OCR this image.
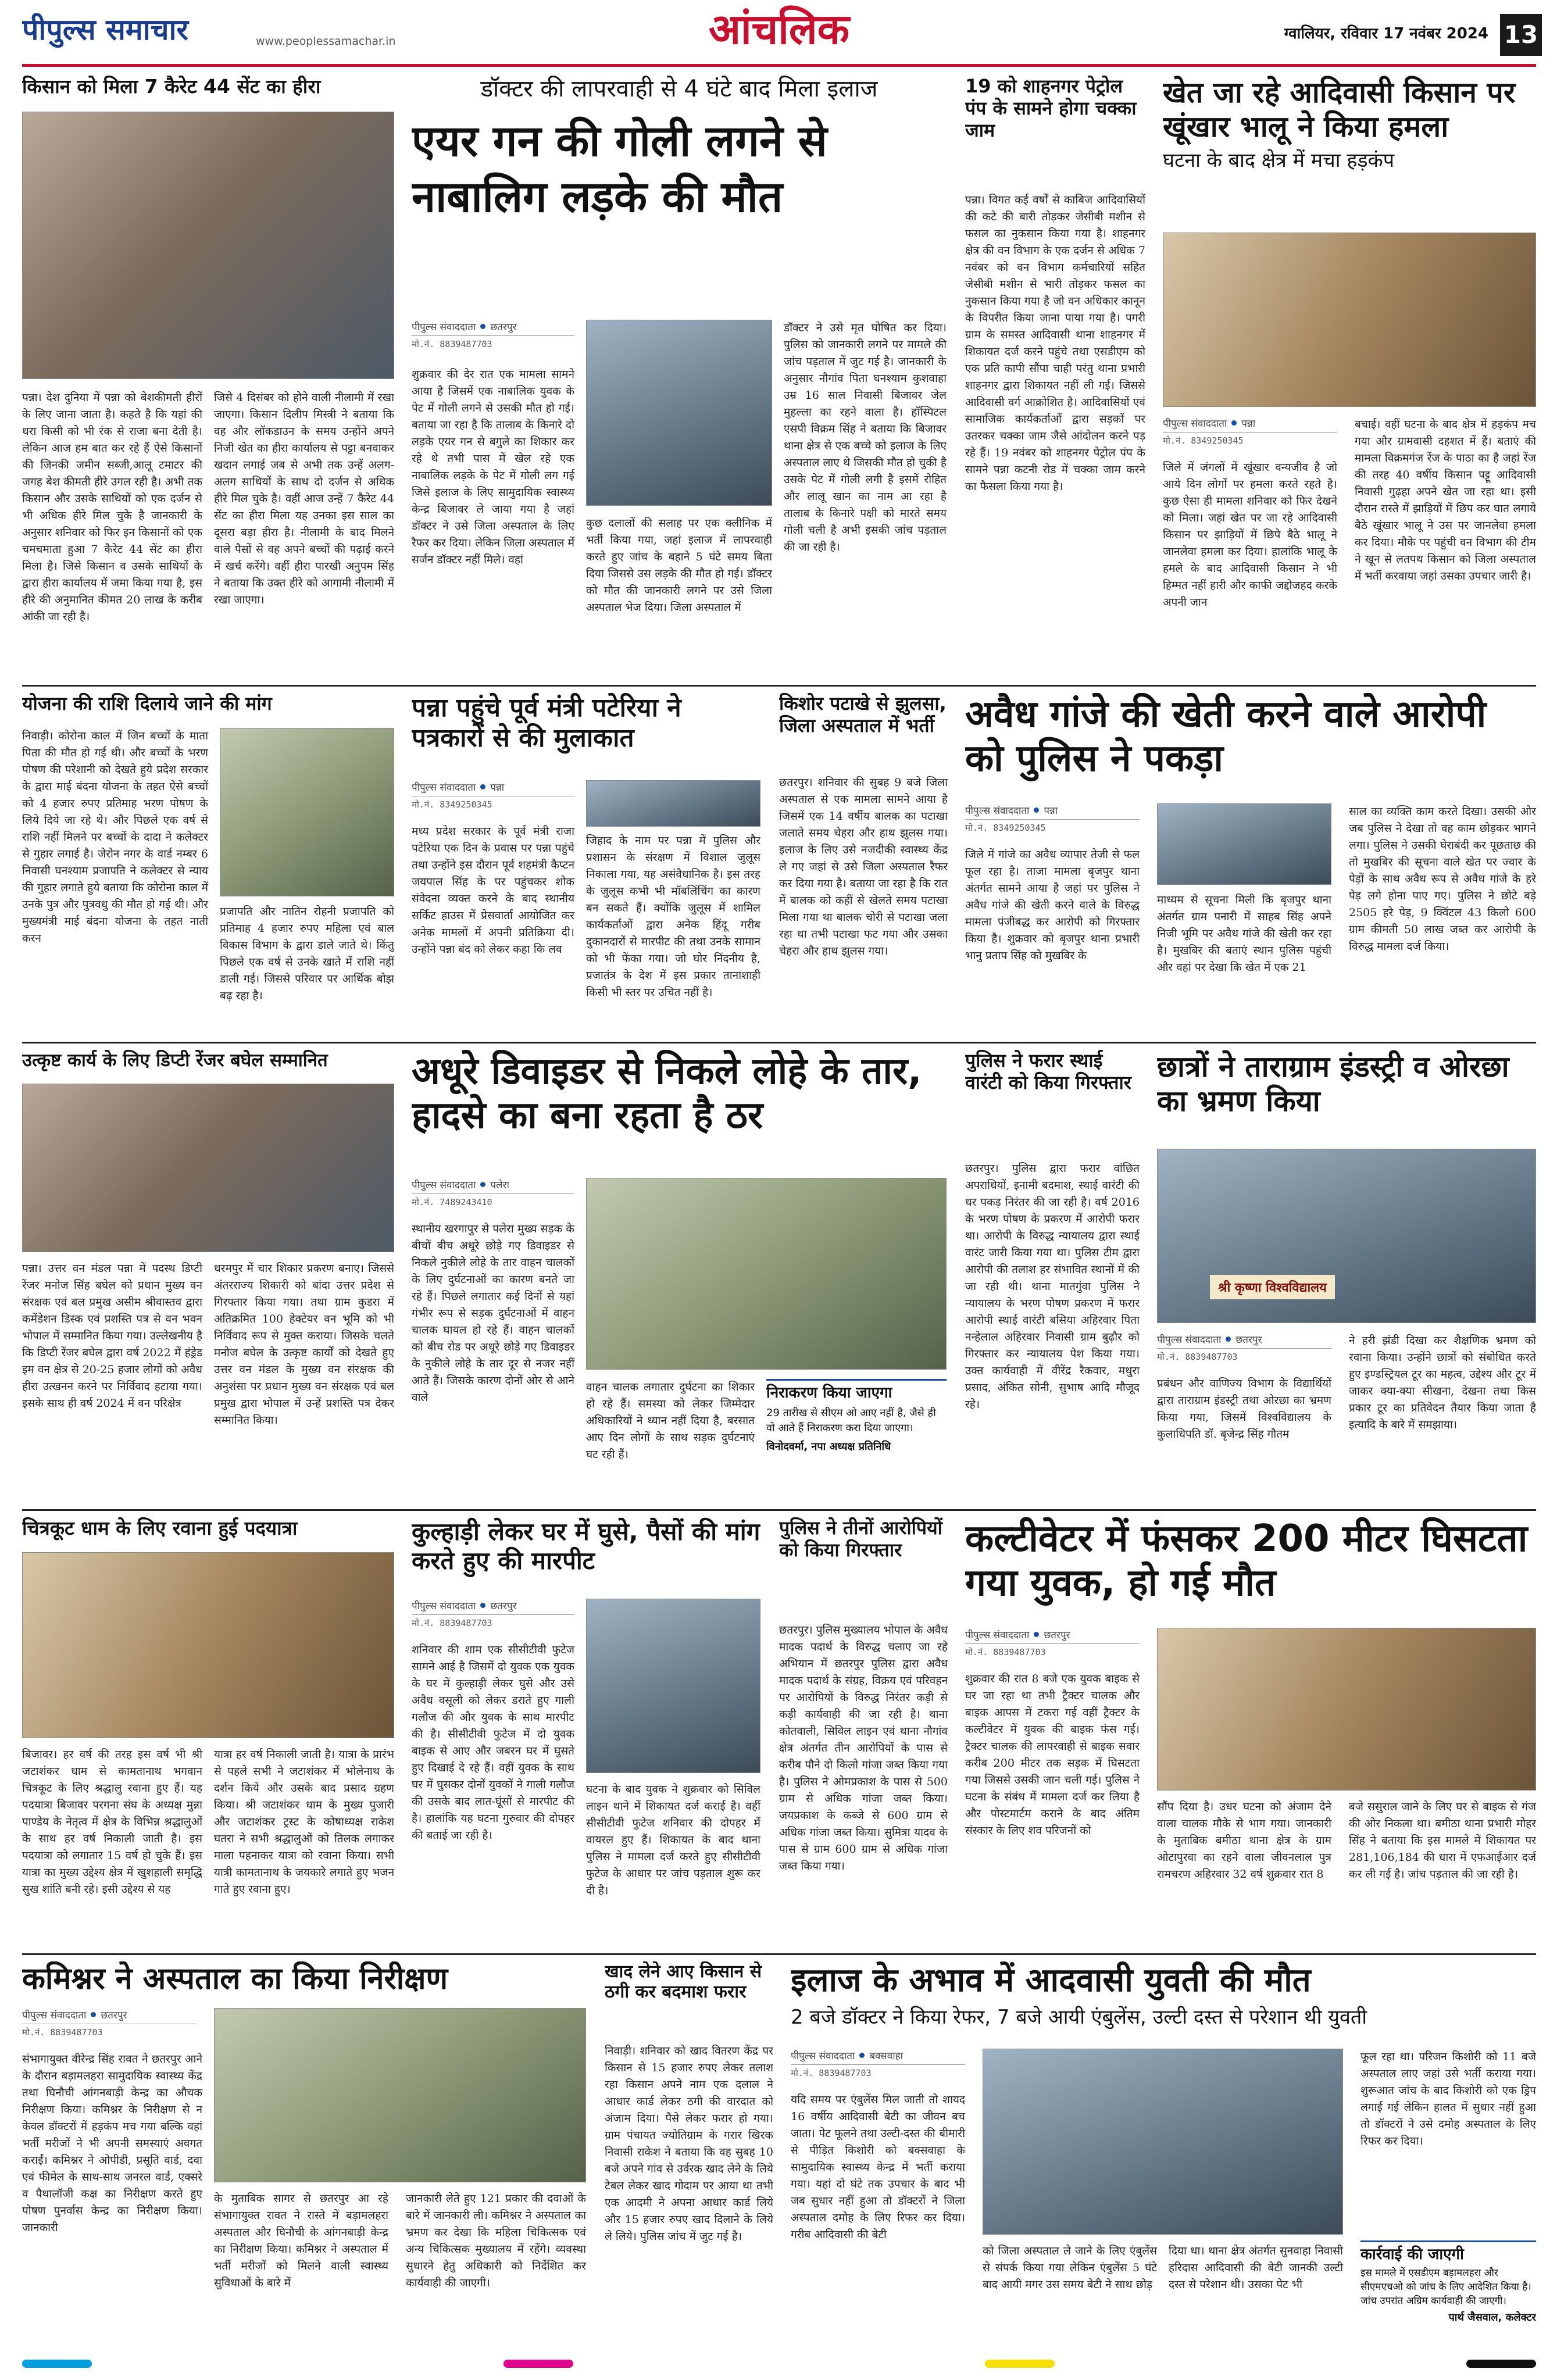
पीपुल्स समाचार	www.peoplessamachar.in	आंचलिक	ग्वालियर, रविवार 17 नवंबर 2024 13
किसान को मिला 7 कैरेट 44 सेंट का हीरा
पन्ना। देश दुनिया में पन्ना को बेशकीमती हीरों के लिए जाना जाता है। कहते है कि यहां की धरा किसी को भी रंक से राजा बना देती है। लेकिन आज हम बात कर रहे हैं ऐसे किसानों की जिनकी जमीन सब्जी,आलू टमाटर की जगह बेश कीमती हीरे उगल रही है। अभी तक किसान और उसके साथियों को एक दर्जन से भी अधिक हीरे मिल चुके है जानकारी के अनुसार शनिवार को फिर इन किसानों को एक चमचमाता हुआ 7 कैरेट 44 सेंट का हीरा मिला है। जिसे किसान व उसके साथियों के द्वारा हीरा कार्यालय में जमा किया गया है, इस हीरे की अनुमानित कीमत 20 लाख के करीब आंकी जा रही है।
जिसे 4 दिसंबर को होने वाली नीलामी में रखा जाएगा। किसान दिलीप मिस्त्री ने बताया कि वह और लॉकडाउन के समय उन्होंने अपने निजी खेत का हीरा कार्यालय से पट्टा बनवाकर खदान लगाई जब से अभी तक उन्हें अलग-अलग साथियों के साथ दो दर्जन से अधिक हीरे मिल चुके है। वहीं आज उन्हें 7 कैरेट 44 सेंट का हीरा मिला यह उनका इस साल का दूसरा बड़ा हीरा है। नीलामी के बाद मिलने वाले पैसों से वह अपने बच्चों की पढ़ाई करने में खर्च करेंगे। वहीं हीरा पारखी अनुपम सिंह ने बताया कि उक्त हीरे को आगामी नीलामी में रखा जाएगा।
डॉक्टर की लापरवाही से 4 घंटे बाद मिला इलाज
एयर गन की गोली लगने से नाबालिग लड़के की मौत
पीपुल्स संवाददाता छतरपुर
मो.नं. 8839487703
शुक्रवार की देर रात एक मामला सामने आया है जिसमें एक नाबालिक युवक के पेट में गोली लगने से उसकी मौत हो गई। बताया जा रहा है कि तालाब के किनारे दो लड़के एयर गन से बगुले का शिकार कर रहे थे तभी पास में खेल रहे एक नाबालिक लड़के के पेट में गोली लग गई जिसे इलाज के लिए सामुदायिक स्वास्थ्य केन्द्र बिजावर ले जाया गया है जहां डॉक्टर ने उसे जिला अस्पताल के लिए रैफर कर दिया। लेकिन जिला अस्पताल में सर्जन डॉक्टर नहीं मिले। वहां
कुछ दलालों की सलाह पर एक क्लीनिक में भर्ती किया गया, जहां इलाज में लापरवाही करते हुए जांच के बहाने 5 घंटे समय बिता दिया जिससे उस लड़के की मौत हो गई। डॉक्टर को मौत की जानकारी लगने पर उसे जिला अस्पताल भेज दिया। जिला अस्पताल में
डॉक्टर ने उसे मृत घोषित कर दिया। पुलिस को जानकारी लगने पर मामले की जांच पड़ताल में जुट गई है। जानकारी के अनुसार नौगांव पिता घनश्याम कुशवाहा उम्र 16 साल निवासी बिजावर जेल मुहल्ला का रहने वाला है। हॉस्पिटल एसपी विक्रम सिंह ने बताया कि बिजावर थाना क्षेत्र से एक बच्चे को इलाज के लिए अस्पताल लाए थे जिसकी मौत हो चुकी है उसके पेट में गोली लगी है इसमें रोहित और लालू खान का नाम आ रहा है तालाब के किनारे पक्षी को मारते समय गोली चली है अभी इसकी जांच पड़ताल की जा रही है।
19 को शाहनगर पेट्रोल पंप के सामने होगा चक्का जाम
पन्ना। विगत कई वर्षों से काबिज आदिवासियों की कटे की बारी तोड़कर जेसीबी मशीन से फसल का नुकसान किया गया है। शाहनगर क्षेत्र की वन विभाग के एक दर्जन से अधिक 7 नवंबर को वन विभाग कर्मचारियों सहित जेसीबी मशीन से भारी तोड़कर फसल का नुकसान किया गया है जो वन अधिकार कानून के विपरीत किया जाना पाया गया है। पगरी ग्राम के समस्त आदिवासी थाना शाहनगर में शिकायत दर्ज करने पहुंचे तथा एसडीएम को एक प्रति कापी सौंपा चाही परंतु थाना प्रभारी शाहनगर द्वारा शिकायत नहीं ली गई। जिससे आदिवासी वर्ग आक्रोशित है। आदिवासियों एवं सामाजिक कार्यकर्ताओं द्वारा सड़कों पर उतरकर चक्का जाम जैसे आंदोलन करने पड़ रहे हैं। 19 नवंबर को शाहनगर पेट्रोल पंप के सामने पन्ना कटनी रोड में चक्का जाम करने का फैसला किया गया है।
खेत जा रहे आदिवासी किसान पर खूंखार भालू ने किया हमला
घटना के बाद क्षेत्र में मचा हड़कंप
पीपुल्स संवाददाता पन्ना
मो.नं. 8349250345
जिले में जंगलों में खूंखार वन्यजीव है जो आये दिन लोगों पर हमला करते रहते है। कुछ ऐसा ही मामला शनिवार को फिर देखने को मिला। जहां खेत पर जा रहे आदिवासी किसान पर झाड़ियों में छिपे बैठे भालू ने जानलेवा हमला कर दिया। हालांकि भालू के हमले के बाद आदिवासी किसान ने भी हिम्मत नहीं हारी और काफी जद्दोजहद करके अपनी जान
बचाई। वहीं घटना के बाद क्षेत्र में हड़कंप मच गया और ग्रामवासी दहशत में हैं। बताएं की मामला विक्रमगंज रेंज के पाठा का है जहां रेंज की तरह 40 वर्षीय किसान पट्टू आदिवासी निवासी गुढ़हा अपने खेत जा रहा था। इसी दौरान रास्ते में झाड़ियों में छिप कर घात लगाये बैठे खूंखार भालू ने उस पर जानलेवा हमला कर दिया। मौके पर पहुंची वन विभाग की टीम ने खून से लतपथ किसान को जिला अस्पताल में भर्ती करवाया जहां उसका उपचार जारी है।
योजना की राशि दिलाये जाने की मांग
निवाड़ी। कोरोना काल में जिन बच्चों के माता पिता की मौत हो गई थी। और बच्चों के भरण पोषण की परेशानी को देखते हुये प्रदेश सरकार के द्वारा माई बंदना योजना के तहत ऐसे बच्चों को 4 हजार रुपए प्रतिमाह भरण पोषण के लिये दिये जा रहे थे। और पिछले एक वर्ष से राशि नहीं मिलने पर बच्चों के दादा ने कलेक्टर से गुहार लगाई है। जेरोन नगर के वार्ड नम्बर 6 निवासी घनश्याम प्रजापति ने कलेक्टर से न्याय की गुहार लगाते हुये बताया कि कोरोना काल में उनके पुत्र और पुत्रवधु की मौत हो गई थी। और मुख्यमंत्री माई बंदना योजना के तहत नाती करन
प्रजापति और नातिन रोहनी प्रजापति को प्रतिमाह 4 हजार रुपए महिला एवं बाल विकास विभाग के द्वारा डाले जाते थे। किंतु पिछले एक वर्ष से उनके खाते में राशि नहीं डाली गई। जिससे परिवार पर आर्थिक बोझ बढ़ रहा है।
पन्ना पहुंचे पूर्व मंत्री पटेरिया ने पत्रकारों से की मुलाकात
पीपुल्स संवाददाता पन्ना
मो.नं. 8349250345
मध्य प्रदेश सरकार के पूर्व मंत्री राजा पटेरिया एक दिन के प्रवास पर पन्ना पहुंचे तथा उन्होंने इस दौरान पूर्व शहमंत्री कैप्टन जयपाल सिंह के पर पहुंचकर शोक संवेदना व्यक्त करने के बाद स्थानीय सर्किट हाउस में प्रेसवार्ता आयोजित कर अनेक मामलों में अपनी प्रतिक्रिया दी। उन्होंने पन्ना बंद को लेकर कहा कि लव
जिहाद के नाम पर पन्ना में पुलिस और प्रशासन के संरक्षण में विशाल जुलूस निकाला गया, यह असंवैधानिक है। इस तरह के जुलूस कभी भी मॉबलिंचिंग का कारण बन सकते हैं। क्योंकि जुलूस में शामिल कार्यकर्ताओं द्वारा अनेक हिंदू गरीब दुकानदारों से मारपीट की तथा उनके सामान को भी फेंका गया। जो घोर निंदनीय है, प्रजातंत्र के देश में इस प्रकार तानाशाही किसी भी स्तर पर उचित नहीं है।
किशोर पटाखे से झुलसा, जिला अस्पताल में भर्ती
छतरपुर। शनिवार की सुबह 9 बजे जिला अस्पताल से एक मामला सामने आया है जिसमें एक 14 वर्षीय बालक का पटाखा जलाते समय चेहरा और हाथ झुलस गया। इलाज के लिए उसे नजदीकी स्वास्थ्य केंद्र ले गए जहां से उसे जिला अस्पताल रैफर कर दिया गया है। बताया जा रहा है कि रात में बालक को कहीं से खेलते समय पटाखा मिला गया था बालक चोरी से पटाखा जला रहा था तभी पटाखा फट गया और उसका चेहरा और हाथ झुलस गया।
अवैध गांजे की खेती करने वाले आरोपी को पुलिस ने पकड़ा
पीपुल्स संवाददाता पन्ना
मो.नं. 8349250345
जिले में गांजे का अवैध व्यापार तेजी से फल फूल रहा है। ताजा मामला बृजपुर थाना अंतर्गत सामने आया है जहां पर पुलिस ने अवैध गांजे की खेती करने वाले के विरुद्ध मामला पंजीबद्ध कर आरोपी को गिरफ्तार किया है। शुक्रवार को बृजपुर थाना प्रभारी भानु प्रताप सिंह को मुखबिर के
माध्यम से सूचना मिली कि बृजपुर थाना अंतर्गत ग्राम पनारी में साहब सिंह अपने निजी भूमि पर अवैध गांजे की खेती कर रहा है। मुखबिर की बताएं स्थान पुलिस पहुंची और वहां पर देखा कि खेत में एक 21
साल का व्यक्ति काम करते दिखा। उसकी ओर जब पुलिस ने देखा तो वह काम छोड़कर भागने लगा। पुलिस ने उसकी घेराबंदी कर पूछताछ की तो मुखबिर की सूचना वाले खेत पर ज्वार के पेड़ों के साथ अवैध रूप से अवैध गांजे के हरे पेड़ लगे होना पाए गए। पुलिस ने छोटे बड़े 2505 हरे पेड़, 9 क्विंटल 43 किलो 600 ग्राम कीमती 50 लाख जब्त कर आरोपी के विरुद्ध मामला दर्ज किया।
उत्कृष्ट कार्य के लिए डिप्टी रेंजर बघेल सम्मानित
पन्ना। उत्तर वन मंडल पन्ना में पदस्थ डिप्टी रेंजर मनोज सिंह बघेल को प्रधान मुख्य वन संरक्षक एवं बल प्रमुख असीम श्रीवास्तव द्वारा कमेंडेशन डिस्क एवं प्रशस्ति पत्र से वन भवन भोपाल में सम्मानित किया गया। उल्लेखनीय है कि डिप्टी रेंजर बघेल द्वारा वर्ष 2022 में हंड्रेड इम वन क्षेत्र से 20-25 हजार लोगों को अवैध हीरा उत्खनन करने पर निर्विवाद हटाया गया। इसके साथ ही वर्ष 2024 में वन परिक्षेत्र
धरमपुर में चार शिकार प्रकरण बनाए। जिससे अंतरराज्य शिकारी को बांदा उत्तर प्रदेश से गिरफ्तार किया गया। तथा ग्राम कुडरा में अतिक्रमित 100 हेक्टेयर वन भूमि को भी निर्विवाद रूप से मुक्त कराया। जिसके चलते मनोज बघेल के उत्कृष्ट कार्यों को देखते हुए उत्तर वन मंडल के मुख्य वन संरक्षक की अनुशंसा पर प्रधान मुख्य वन संरक्षक एवं बल प्रमुख द्वारा भोपाल में उन्हें प्रशस्ति पत्र देकर सम्मानित किया।
अधूरे डिवाइडर से निकले लोहे के तार, हादसे का बना रहता है ठर
पीपुल्स संवाददाता पलेरा
मो.नं. 7489243410
स्थानीय खरगापुर से पलेरा मुख्य सड़क के बीचों बीच अधूरे छोड़े गए डिवाइडर से निकले नुकीले लोहे के तार वाहन चालकों के लिए दुर्घटनाओं का कारण बनते जा रहे हैं। पिछले लगातार कई दिनों से यहां गंभीर रूप से सड़क दुर्घटनाओं में वाहन चालक घायल हो रहे हैं। वाहन चालकों को बीच रोड पर अधूरे छोड़े गए डिवाइडर के नुकीले लोहे के तार दूर से नजर नहीं आते हैं। जिसके कारण दोनों ओर से आने वाले
वाहन चालक लगातार दुर्घटना का शिकार हो रहे हैं। समस्या को लेकर जिम्मेदार अधिकारियों ने ध्यान नहीं दिया है, बरसात आए दिन लोगों के साथ सड़क दुर्घटनाएं घट रही हैं।
निराकरण किया जाएगा
29 तारीख से सीएम ओ आए नहीं है, जैसे ही वो आते हैं निराकरण करा दिया जाएगा।
विनोदवर्मा, नपा अध्यक्ष प्रतिनिधि
पुलिस ने फरार स्थाई वारंटी को किया गिरफ्तार
छतरपुर। पुलिस द्वारा फरार वांछित अपराधियों, इनामी बदमाश, स्थाई वारंटी की धर पकड़ निरंतर की जा रही है। वर्ष 2016 के भरण पोषण के प्रकरण में आरोपी फरार था। आरोपी के विरुद्ध न्यायालय द्वारा स्थाई वारंट जारी किया गया था। पुलिस टीम द्वारा आरोपी की तलाश हर संभावित स्थानों में की जा रही थी। थाना मातगुंवा पुलिस ने न्यायालय के भरण पोषण प्रकरण में फरार आरोपी स्थाई वारंटी बसिया अहिरवार पिता नन्हेलाल अहिरवार निवासी ग्राम बुढ़ौर को गिरफ्तार कर न्यायालय पेश किया गया। उक्त कार्यवाही में वीरेंद्र रैकवार, मथुरा प्रसाद, अंकित सोनी, सुभाष आदि मौजूद रहे।
छात्रों ने ताराग्राम इंडस्ट्री व ओरछा का भ्रमण किया
श्री कृष्णा विश्वविद्यालय
पीपुल्स संवाददाता छतरपुर
मो.नं. 8839487703
प्रबंधन और वाणिज्य विभाग के विद्यार्थियों द्वारा ताराग्राम इंडस्ट्री तथा ओरछा का भ्रमण किया गया, जिसमें विश्वविद्यालय के कुलाधिपति डॉ. बृजेन्द्र सिंह गौतम
ने हरी झंडी दिखा कर शैक्षणिक भ्रमण को रवाना किया। उन्होंने छात्रों को संबोधित करते हुए इण्डस्ट्रियल टूर का महत्व, उद्देश्य और टूर में जाकर क्या-क्या सीखना, देखना तथा किस प्रकार टूर का प्रतिवेदन तैयार किया जाता है इत्यादि के बारे में समझाया।
चित्रकूट धाम के लिए रवाना हुई पदयात्रा
बिजावर। हर वर्ष की तरह इस वर्ष भी श्री जटाशंकर धाम से कामतानाथ भगवान चित्रकूट के लिए श्रद्धालु रवाना हुए हैं। यह पदयात्रा बिजावर परगना संघ के अध्यक्ष मुन्ना पाण्डेय के नेतृत्व में क्षेत्र के विभिन्न श्रद्धालुओं के साथ हर वर्ष निकाली जाती है। इस पदयात्रा को लगातार 15 वर्ष हो चुके हैं। इस यात्रा का मुख्य उद्देश्य क्षेत्र में खुशहाली समृद्धि सुख शांति बनी रहे। इसी उद्देश्य से यह
यात्रा हर वर्ष निकाली जाती है। यात्रा के प्रारंभ से पहले सभी ने जटाशंकर में भोलेनाथ के दर्शन किये और उसके बाद प्रसाद ग्रहण किया। श्री जटाशंकर धाम के मुख्य पुजारी और जटाशंकर ट्रस्ट के कोषाध्यक्ष राकेश घतरा ने सभी श्रद्धालुओं को तिलक लगाकर माला पहनाकर यात्रा को रवाना किया। सभी यात्री कामतानाथ के जयकारे लगाते हुए भजन गाते हुए रवाना हुए।
कुल्हाड़ी लेकर घर में घुसे, पैसों की मांग करते हुए की मारपीट
पीपुल्स संवाददाता छतरपुर
मो.नं. 8839487703
शनिवार की शाम एक सीसीटीवी फुटेज सामने आई है जिसमें दो युवक एक युवक के घर में कुल्हाड़ी लेकर घुसे और उसे अवैध वसूली को लेकर डराते हुए गाली गलौज की और युवक के साथ मारपीट की है। सीसीटीवी फुटेज में दो युवक बाइक से आए और जबरन घर में घुसते हुए दिखाई दे रहे हैं। वहीं युवक के साथ घर में घुसकर दोनों युवकों ने गाली गलौज की उसके बाद लात-घूंसों से मारपीट की है। हालांकि यह घटना गुरुवार की दोपहर की बताई जा रही है।
घटना के बाद युवक ने शुक्रवार को सिविल लाइन थाने में शिकायत दर्ज कराई है। वहीं सीसीटीवी फुटेज शनिवार की दोपहर में वायरल हुए हैं। शिकायत के बाद थाना पुलिस ने मामला दर्ज करते हुए सीसीटीवी फुटेज के आधार पर जांच पड़ताल शुरू कर दी है।
पुलिस ने तीनों आरोपियों को किया गिरफ्तार
छतरपुर। पुलिस मुख्यालय भोपाल के अवैध मादक पदार्थ के विरुद्ध चलाए जा रहे अभियान में छतरपुर पुलिस द्वारा अवैध मादक पदार्थ के संग्रह, विक्रय एवं परिवहन पर आरोपियों के विरुद्ध निरंतर कड़ी से कड़ी कार्यवाही की जा रही है। थाना कोतवाली, सिविल लाइन एवं थाना नौगांव क्षेत्र अंतर्गत तीन आरोपियों के पास से करीब पौने दो किलो गांजा जब्त किया गया है। पुलिस ने ओमप्रकाश के पास से 500 ग्राम से अधिक गांजा जब्त किया। जयप्रकाश के कब्जे से 600 ग्राम से अधिक गांजा जब्त किया। सुमित्रा यादव के पास से ग्राम 600 ग्राम से अधिक गांजा जब्त किया गया।
कल्टीवेटर में फंसकर 200 मीटर घिसटता गया युवक, हो गई मौत
पीपुल्स संवाददाता छतरपुर
मो.नं. 8839487703
शुक्रवार की रात 8 बजे एक युवक बाइक से घर जा रहा था तभी ट्रैक्टर चालक और बाइक आपस में टकरा गई वहीं ट्रैक्टर के कल्टीवेटर में युवक की बाइक फंस गई। ट्रैक्टर चालक की लापरवाही से बाइक सवार करीब 200 मीटर तक सड़क में घिसटता गया जिससे उसकी जान चली गई। पुलिस ने घटना के संबंध में मामला दर्ज कर लिया है और पोस्टमार्टम कराने के बाद अंतिम संस्कार के लिए शव परिजनों को
सौंप दिया है। उधर घटना को अंजाम देने वाला चालक मौके से भाग गया। जानकारी के मुताबिक बमीठा थाना क्षेत्र के ग्राम ओटापुरवा का रहने वाला जीवनलाल पुत्र रामचरण अहिरवार 32 वर्ष शुक्रवार रात 8
बजे ससुराल जाने के लिए घर से बाइक से गंज की ओर निकला था। बमीठा थाना प्रभारी मोहर सिंह ने बताया कि इस मामले में शिकायत पर 281,106,184 की धारा में एफआईआर दर्ज कर ली गई है। जांच पड़ताल की जा रही है।
कमिश्नर ने अस्पताल का किया निरीक्षण
पीपुल्स संवाददाता छतरपुर
मो.नं. 8839487703
संभागायुक्त वीरेन्द्र सिंह रावत ने छतरपुर आने के दौरान बड़ामलहरा सामुदायिक स्वास्थ्य केंद्र तथा घिनौची आंगनबाड़ी केन्द्र का औचक निरीक्षण किया। कमिश्नर के निरीक्षण से न केवल डॉक्टरों में हड़कंप मच गया बल्कि वहां भर्ती मरीजों ने भी अपनी समस्याएं अवगत कराईं। कमिश्नर ने ओपीडी, प्रसूति वार्ड, दवा एवं फीमेल के साथ-साथ जनरल वार्ड, एक्सरे व पैथालॉजी कक्ष का निरीक्षण करते हुए पोषण पुनर्वास केन्द्र का निरीक्षण किया। जानकारी
के मुताबिक सागर से छतरपुर आ रहे संभागायुक्त रावत ने रास्ते में बड़ामलहरा अस्पताल और घिनौची के आंगनबाड़ी केन्द्र का निरीक्षण किया। कमिश्नर ने अस्पताल में भर्ती मरीजों को मिलने वाली स्वास्थ्य सुविधाओं के बारे में
जानकारी लेते हुए 121 प्रकार की दवाओं के बारे में जानकारी ली। कमिश्नर ने अस्पताल का भ्रमण कर देखा कि महिला चिकित्सक एवं अन्य चिकित्सक मुख्यालय में रहेंगे। व्यवस्था सुधारने हेतु अधिकारी को निर्देशित कर कार्यवाही की जाएगी।
खाद लेने आए किसान से ठगी कर बदमाश फरार
निवाड़ी। शनिवार को खाद वितरण केंद्र पर किसान से 15 हजार रुपए लेकर तलाश रहा किसान अपने नाम एक दलाल ने आधार कार्ड लेकर ठगी की वारदात को अंजाम दिया। पैसे लेकर फरार हो गया। ग्राम पंचायत ज्योतिग्राम के गरार खिरक निवासी राकेश ने बताया कि वह सुबह 10 बजे अपने गांव से उर्वरक खाद लेने के लिये टेबल लेकर खाद गोदाम पर आया था तभी एक आदमी ने अपना आधार कार्ड लिये और 15 हजार रुपए खाद दिलाने के लिये ले लिये। पुलिस जांच में जुट गई है।
इलाज के अभाव में आदवासी युवती की मौत
2 बजे डॉक्टर ने किया रेफर, 7 बजे आयी एंबुलेंस, उल्टी दस्त से परेशान थी युवती
पीपुल्स संवाददाता बक्सवाहा
मो.नं. 8839487703
यदि समय पर एंबुलेंस मिल जाती तो शायद 16 वर्षीय आदिवासी बेटी का जीवन बच जाता। पेट फूलने तथा उल्टी-दस्त की बीमारी से पीड़ित किशोरी को बक्सवाहा के सामुदायिक स्वास्थ्य केन्द्र में भर्ती कराया गया। यहां दो घंटे तक उपचार के बाद भी जब सुधार नहीं हुआ तो डॉक्टरों ने जिला अस्पताल दमोह के लिए रिफर कर दिया। गरीब आदिवासी की बेटी
को जिला अस्पताल ले जाने के लिए एंबुलेंस से संपर्क किया गया लेकिन एंबुलेंस 5 घंटे बाद आयी मगर उस समय बेटी ने साथ छोड़
दिया था। थाना क्षेत्र अंतर्गत सुनवाहा निवासी हरिदास आदिवासी की बेटी जानकी उल्टी दस्त से परेशान थी। उसका पेट भी
फूल रहा था। परिजन किशोरी को 11 बजे अस्पताल लाए जहां उसे भर्ती कराया गया। शुरूआत जांच के बाद किशोरी को एक ड्रिप लगाई गई लेकिन हालत में सुधार नहीं हुआ तो डॉक्टरों ने उसे दमोह अस्पताल के लिए रिफर कर दिया।
कार्रवाई की जाएगी
इस मामले में एसडीएम बड़ामलहरा और सीएमएचओ को जांच के लिए आदेशित किया है। जांच उपरांत अग्रिम कार्यवाही की जाएगी।
पार्थ जैसवाल, कलेक्टर
